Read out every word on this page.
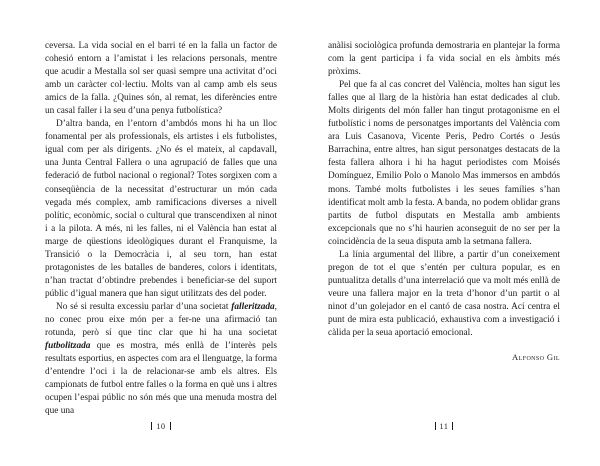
ceversa. La vida social en el barri té en la falla un factor de cohesió entorn a l’amistat i les relacions personals, mentre que acudir a Mestalla sol ser quasi sempre una activitat d’oci amb un caràcter col·lectiu. Molts van al camp amb els seus amics de la falla. ¿Quines són, al remat, les diferències entre un casal faller i la seu d’una penya futbolística?

D’altra banda, en l’entorn d’ambdós mons hi ha un lloc fonamental per als professionals, els artistes i els futbolistes, igual com per als dirigents. ¿No és el mateix, al capdavall, una Junta Central Fallera o una agrupació de falles que una federació de futbol nacional o regional? Totes sorgixen com a conseqüència de la necessitat d’estructurar un món cada vegada més complex, amb ramificacions diverses a nivell polític, econòmic, social o cultural que transcendixen al ninot i a la pilota. A més, ni les falles, ni el València han estat al marge de qüestions ideològiques durant el Franquisme, la Transició o la Democràcia i, al seu torn, han estat protagonistes de les batalles de banderes, colors i identitats, n’han tractat d’obtindre prebendes i beneficiar-se del suport públic d’igual manera que han sigut utilitzats des del poder.

No sé si resulta excessiu parlar d’una societat falleritzada, no conec prou eixe món per a fer-ne una afirmació tan rotunda, però sí que tinc clar que hi ha una societat futbolitzada que es mostra, més enllà de l’interès pels resultats esportius, en aspectes com ara el llenguatge, la forma d’entendre l’oci i la de relacionar-se amb els altres. Els campionats de futbol entre falles o la forma en què uns i altres ocupen l’espai públic no són més que una menuda mostra del que una

anàlisi sociològica profunda demostraria en plantejar la forma com la gent participa i fa vida social en els àmbits més pròxims.

Pel que fa al cas concret del València, moltes han sigut les falles que al llarg de la història han estat dedicades al club. Molts dirigents del món faller han tingut protagonisme en el futbolístic i noms de personatges importants del València com ara Luis Casanova, Vicente Peris, Pedro Cortés o Jesús Barrachina, entre altres, han sigut personatges destacats de la festa fallera alhora i hi ha hagut periodistes com Moisés Domínguez, Emilio Polo o Manolo Mas immersos en ambdós mons. També molts futbolistes i les seues famílies s’han identificat molt amb la festa. A banda, no podem oblidar grans partits de futbol disputats en Mestalla amb ambients excepcionals que no s’hi haurien aconseguit de no ser per la coincidència de la seua disputa amb la setmana fallera.

La línia argumental del llibre, a partir d’un coneixement pregon de tot el que s’entén per cultura popular, es en puntualitza detalls d’una interrelació que va molt més enllà de veure una fallera major en la treta d’honor d’un partit o al ninot d’un golejador en el cantó de casa nostra. Ací centra el punt de mira esta publicació, exhaustiva com a investigació i càlida per la seua aportació emocional.

Alfonso Gil

10	11
